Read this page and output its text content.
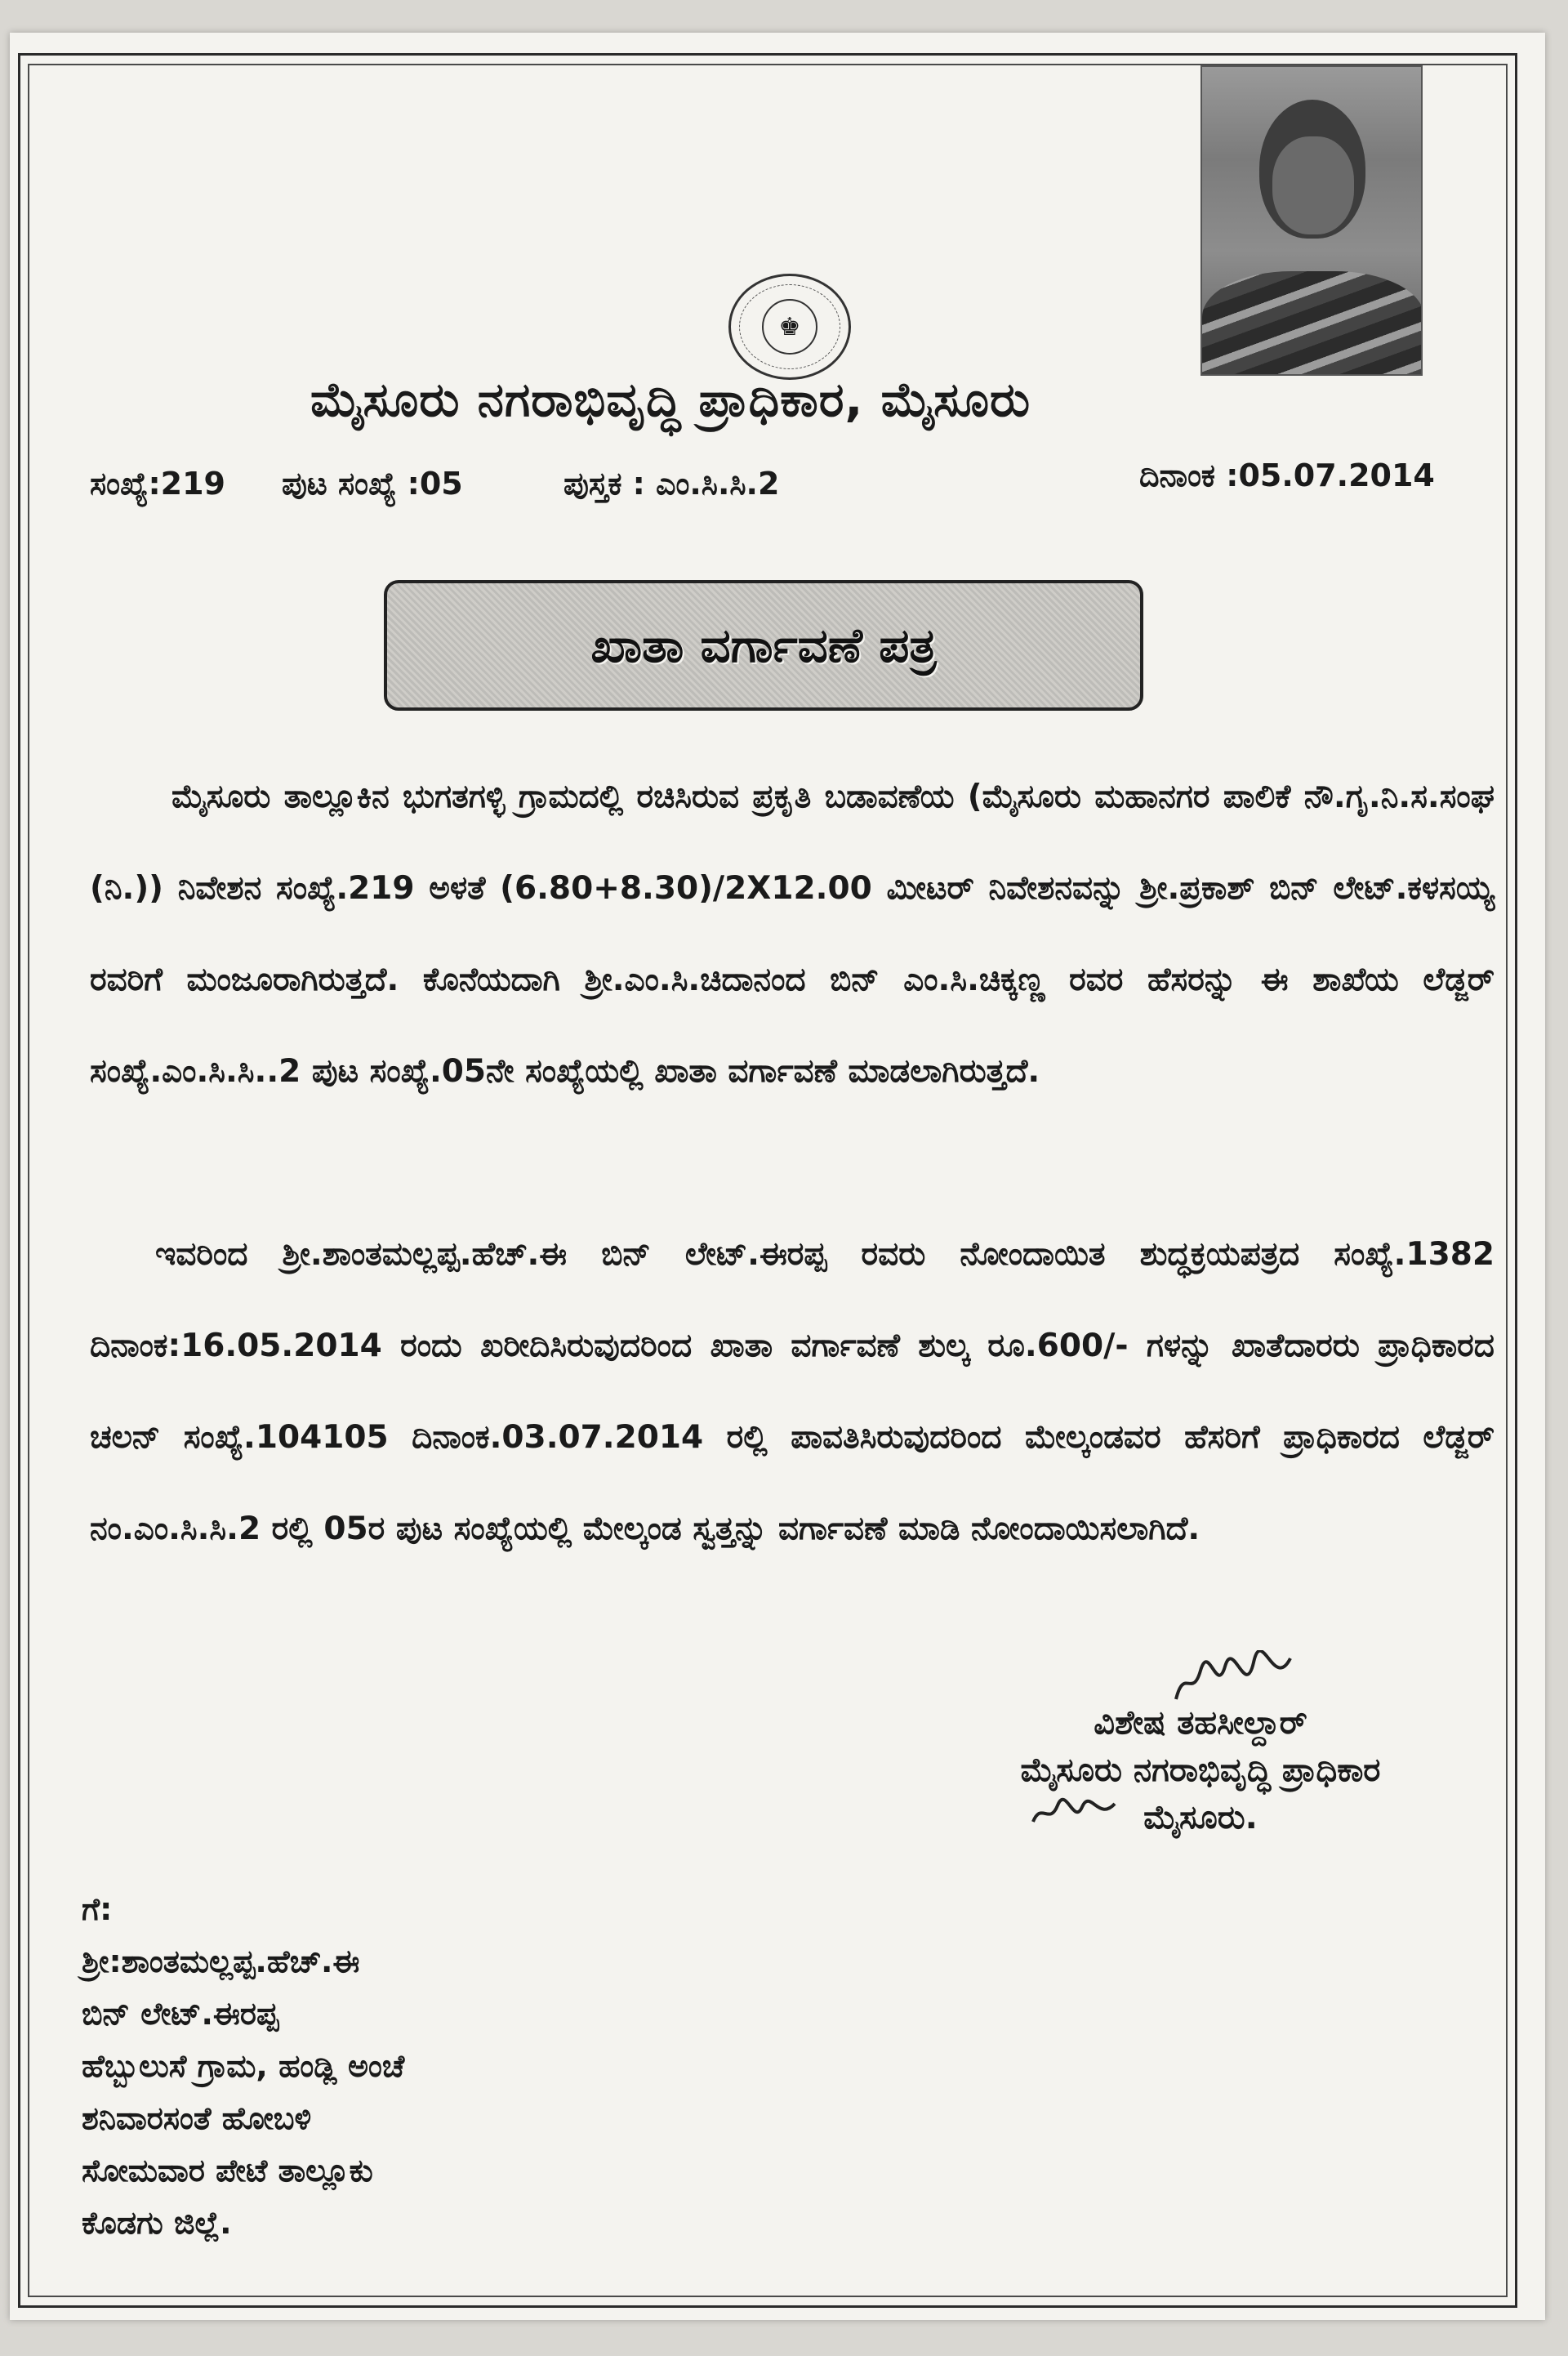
♚
ಮೈಸೂರು ನಗರಾಭಿವೃದ್ಧಿ ಪ್ರಾಧಿಕಾರ, ಮೈಸೂರು
ಸಂಖ್ಯೆ:219 ಪುಟ ಸಂಖ್ಯೆ :05	ಪುಸ್ತಕ : ಎಂ.ಸಿ.ಸಿ.2	ದಿನಾಂಕ :05.07.2014
ಖಾತಾ ವರ್ಗಾವಣೆ ಪತ್ರ
ಮೈಸೂರು ತಾಲ್ಲೂಕಿನ ಭುಗತಗಳ್ಳಿ ಗ್ರಾಮದಲ್ಲಿ ರಚಿಸಿರುವ ಪ್ರಕೃತಿ ಬಡಾವಣೆಯ (ಮೈಸೂರು ಮಹಾನಗರ ಪಾಲಿಕೆ ನೌ.ಗೃ.ನಿ.ಸ.ಸಂಘ (ನಿ.)) ನಿವೇಶನ ಸಂಖ್ಯೆ.219 ಅಳತೆ (6.80+8.30)/2X12.00 ಮೀಟರ್ ನಿವೇಶನವನ್ನು ಶ್ರೀ.ಪ್ರಕಾಶ್ ಬಿನ್ ಲೇಟ್.ಕಳಸಯ್ಯ ರವರಿಗೆ ಮಂಜೂರಾಗಿರುತ್ತದೆ. ಕೊನೆಯದಾಗಿ ಶ್ರೀ.ಎಂ.ಸಿ.ಚಿದಾನಂದ ಬಿನ್ ಎಂ.ಸಿ.ಚಿಕ್ಕಣ್ಣ ರವರ ಹೆಸರನ್ನು ಈ ಶಾಖೆಯ ಲೆಡ್ಜರ್ ಸಂಖ್ಯೆ.ಎಂ.ಸಿ.ಸಿ..2 ಪುಟ ಸಂಖ್ಯೆ.05ನೇ ಸಂಖ್ಯೆಯಲ್ಲಿ ಖಾತಾ ವರ್ಗಾವಣೆ ಮಾಡಲಾಗಿರುತ್ತದೆ.
ಇವರಿಂದ ಶ್ರೀ.ಶಾಂತಮಲ್ಲಪ್ಪ.ಹೆಚ್.ಈ ಬಿನ್ ಲೇಟ್.ಈರಪ್ಪ ರವರು ನೋಂದಾಯಿತ ಶುದ್ಧಕ್ರಯಪತ್ರದ ಸಂಖ್ಯೆ.1382 ದಿನಾಂಕ:16.05.2014 ರಂದು ಖರೀದಿಸಿರುವುದರಿಂದ ಖಾತಾ ವರ್ಗಾವಣೆ ಶುಲ್ಕ ರೂ.600/- ಗಳನ್ನು ಖಾತೆದಾರರು ಪ್ರಾಧಿಕಾರದ ಚಲನ್ ಸಂಖ್ಯೆ.104105 ದಿನಾಂಕ.03.07.2014 ರಲ್ಲಿ ಪಾವತಿಸಿರುವುದರಿಂದ ಮೇಲ್ಕಂಡವರ ಹೆಸರಿಗೆ ಪ್ರಾಧಿಕಾರದ ಲೆಡ್ಜರ್ ನಂ.ಎಂ.ಸಿ.ಸಿ.2 ರಲ್ಲಿ 05ರ ಪುಟ ಸಂಖ್ಯೆಯಲ್ಲಿ ಮೇಲ್ಕಂಡ ಸ್ವತ್ತನ್ನು ವರ್ಗಾವಣೆ ಮಾಡಿ ನೋಂದಾಯಿಸಲಾಗಿದೆ.
ವಿಶೇಷ ತಹಸೀಲ್ದಾರ್
ಮೈಸೂರು ನಗರಾಭಿವೃದ್ಧಿ ಪ್ರಾಧಿಕಾರ
ಮೈಸೂರು.
ಗೆ:
ಶ್ರೀ:ಶಾಂತಮಲ್ಲಪ್ಪ.ಹೆಚ್.ಈ
ಬಿನ್ ಲೇಟ್.ಈರಪ್ಪ
ಹೆಬ್ಬುಲುಸೆ ಗ್ರಾಮ, ಹಂಡ್ಲಿ ಅಂಚೆ
ಶನಿವಾರಸಂತೆ ಹೋಬಳಿ
ಸೋಮವಾರ ಪೇಟೆ ತಾಲ್ಲೂಕು
ಕೊಡಗು ಜಿಲ್ಲೆ.
